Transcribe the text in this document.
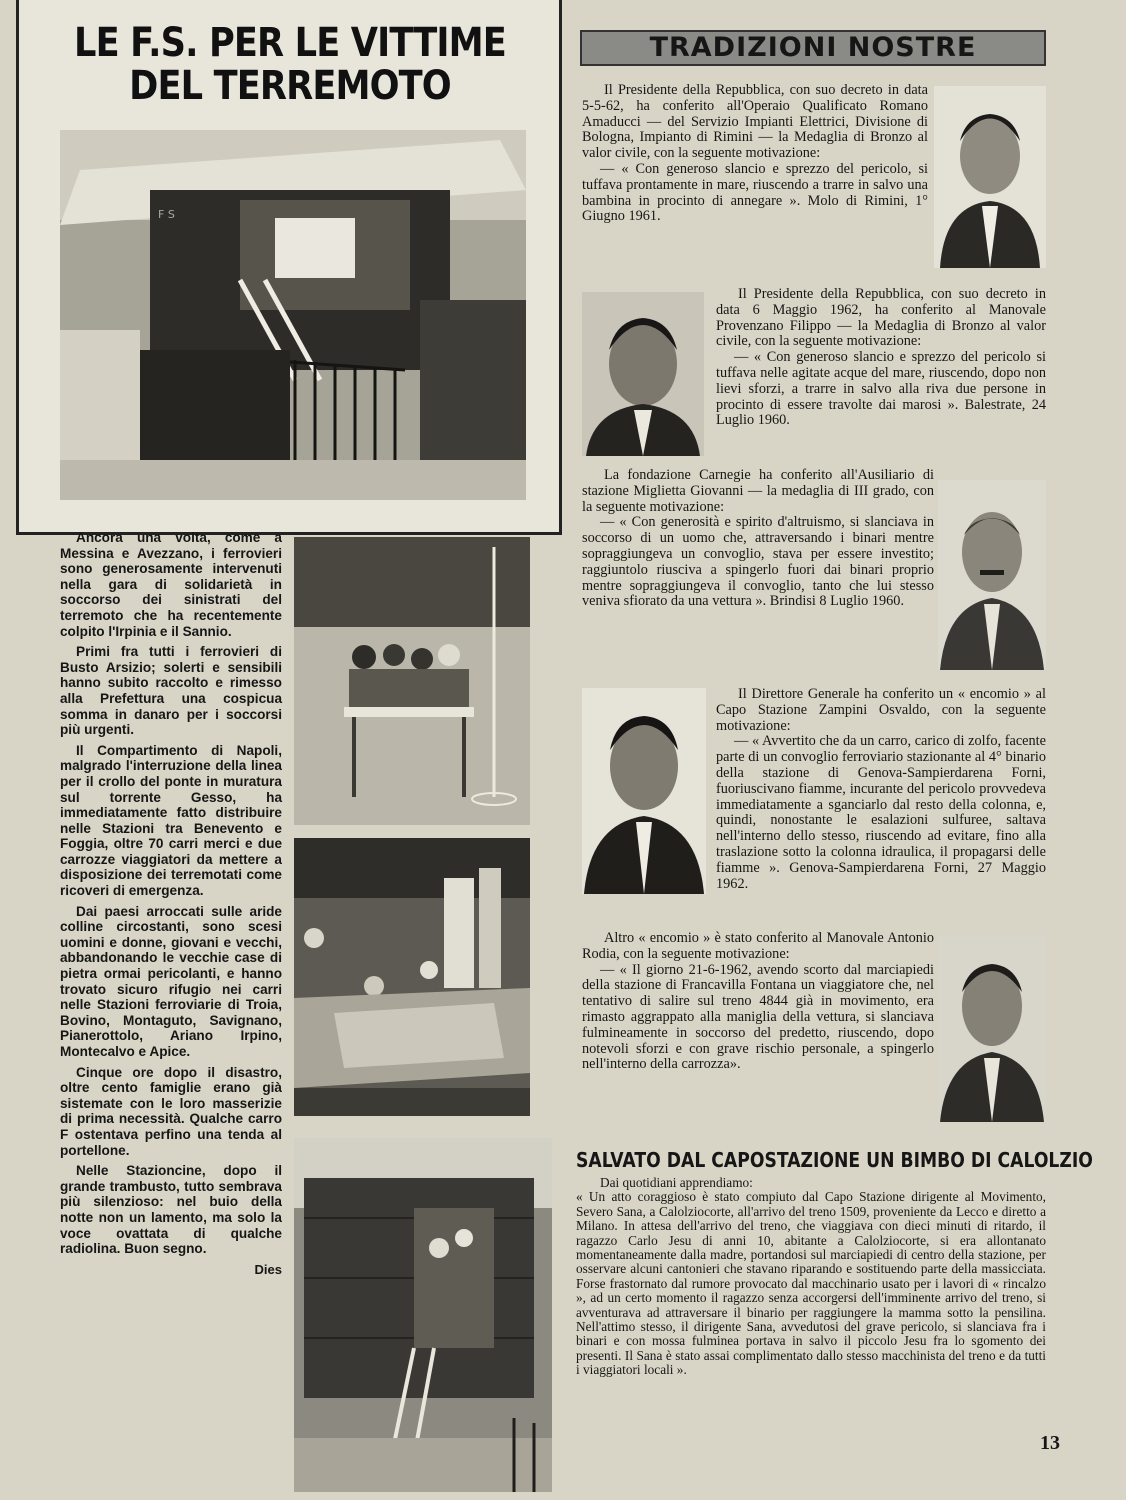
LE F.S. PER LE VITTIME
DEL TERREMOTO
F S

Ancora una volta, come a Messina e Avezzano, i ferrovieri sono generosamente intervenuti nella gara di solidarietà in soccorso dei sinistrati del terremoto che ha recentemente colpito l'Irpinia e il Sannio.

Primi fra tutti i ferrovieri di Busto Arsizio; solerti e sensibili hanno subito raccolto e rimesso alla Prefettura una cospicua somma in danaro per i soccorsi più urgenti.

Il Compartimento di Napoli, malgrado l'interruzione della linea per il crollo del ponte in muratura sul torrente Gesso, ha immediatamente fatto distribuire nelle Stazioni tra Benevento e Foggia, oltre 70 carri merci e due carrozze viaggiatori da mettere a disposizione dei terremotati come ricoveri di emergenza.

Dai paesi arroccati sulle aride colline circostanti, sono scesi uomini e donne, giovani e vecchi, abbandonando le vecchie case di pietra ormai pericolanti, e hanno trovato sicuro rifugio nei carri nelle Stazioni ferroviarie di Troia, Bovino, Montaguto, Savignano, Pianerottolo, Ariano Irpino, Montecalvo e Apice.

Cinque ore dopo il disastro, oltre cento famiglie erano già sistemate con le loro masserizie di prima necessità. Qualche carro F ostentava perfino una tenda al portellone.

Nelle Stazioncine, dopo il grande trambusto, tutto sembrava più silenzioso: nel buio della notte non un lamento, ma solo la voce ovattata di qualche radiolina. Buon segno.

Dies
TRADIZIONI NOSTRE

Il Presidente della Repubblica, con suo decreto in data 5-5-62, ha conferito all'Operaio Qualificato Romano Amaducci — del Servizio Impianti Elettrici, Divisione di Bologna, Impianto di Rimini — la Medaglia di Bronzo al valor civile, con la seguente motivazione:

— « Con generoso slancio e sprezzo del pericolo, si tuffava prontamente in mare, riuscendo a trarre in salvo una bambina in procinto di annegare ». Molo di Rimini, 1° Giugno 1961.

Il Presidente della Repubblica, con suo decreto in data 6 Maggio 1962, ha conferito al Manovale Provenzano Filippo — la Medaglia di Bronzo al valor civile, con la seguente motivazione:

— « Con generoso slancio e sprezzo del pericolo si tuffava nelle agitate acque del mare, riuscendo, dopo non lievi sforzi, a trarre in salvo alla riva due persone in procinto di essere travolte dai marosi ». Balestrate, 24 Luglio 1960.

La fondazione Carnegie ha conferito all'Ausiliario di stazione Miglietta Giovanni — la medaglia di III grado, con la seguente motivazione:

— « Con generosità e spirito d'altruismo, si slanciava in soccorso di un uomo che, attraversando i binari mentre sopraggiungeva un convoglio, stava per essere investito; raggiuntolo riusciva a spingerlo fuori dai binari proprio mentre sopraggiungeva il convoglio, tanto che lui stesso veniva sfiorato da una vettura ». Brindisi 8 Luglio 1960.

Il Direttore Generale ha conferito un « encomio » al Capo Stazione Zampini Osvaldo, con la seguente motivazione:

— « Avvertito che da un carro, carico di zolfo, facente parte di un convoglio ferroviario stazionante al 4° binario della stazione di Genova-Sampierdarena Forni, fuoriuscivano fiamme, incurante del pericolo provvedeva immediatamente a sganciarlo dal resto della colonna, e, quindi, nonostante le esalazioni sulfuree, saltava nell'interno dello stesso, riuscendo ad evitare, fino alla traslazione sotto la colonna idraulica, il propagarsi delle fiamme ». Genova-Sampierdarena Forni, 27 Maggio 1962.

Altro « encomio » è stato conferito al Manovale Antonio Rodia, con la seguente motivazione:

— « Il giorno 21-6-1962, avendo scorto dal marciapiedi della stazione di Francavilla Fontana un viaggiatore che, nel tentativo di salire sul treno 4844 già in movimento, era rimasto aggrappato alla maniglia della vettura, si slanciava fulmineamente in soccorso del predetto, riuscendo, dopo notevoli sforzi e con grave rischio personale, a spingerlo nell'interno della carrozza».

SALVATO DAL CAPOSTAZIONE UN BIMBO DI CALOLZIO

Dai quotidiani apprendiamo:

« Un atto coraggioso è stato compiuto dal Capo Stazione dirigente al Movimento, Severo Sana, a Calolziocorte, all'arrivo del treno 1509, proveniente da Lecco e diretto a Milano. In attesa dell'arrivo del treno, che viaggiava con dieci minuti di ritardo, il ragazzo Carlo Jesu di anni 10, abitante a Calolziocorte, si era allontanato momentaneamente dalla madre, portandosi sul marciapiedi di centro della stazione, per osservare alcuni cantonieri che stavano riparando e sostituendo parte della massicciata. Forse frastornato dal rumore provocato dal macchinario usato per i lavori di « rincalzo », ad un certo momento il ragazzo senza accorgersi dell'imminente arrivo del treno, si avventurava ad attraversare il binario per raggiungere la mamma sotto la pensilina. Nell'attimo stesso, il dirigente Sana, avvedutosi del grave pericolo, si slanciava fra i binari e con mossa fulminea portava in salvo il piccolo Jesu fra lo sgomento dei presenti. Il Sana è stato assai complimentato dallo stesso macchinista del treno e da tutti i viaggiatori locali ».

13
